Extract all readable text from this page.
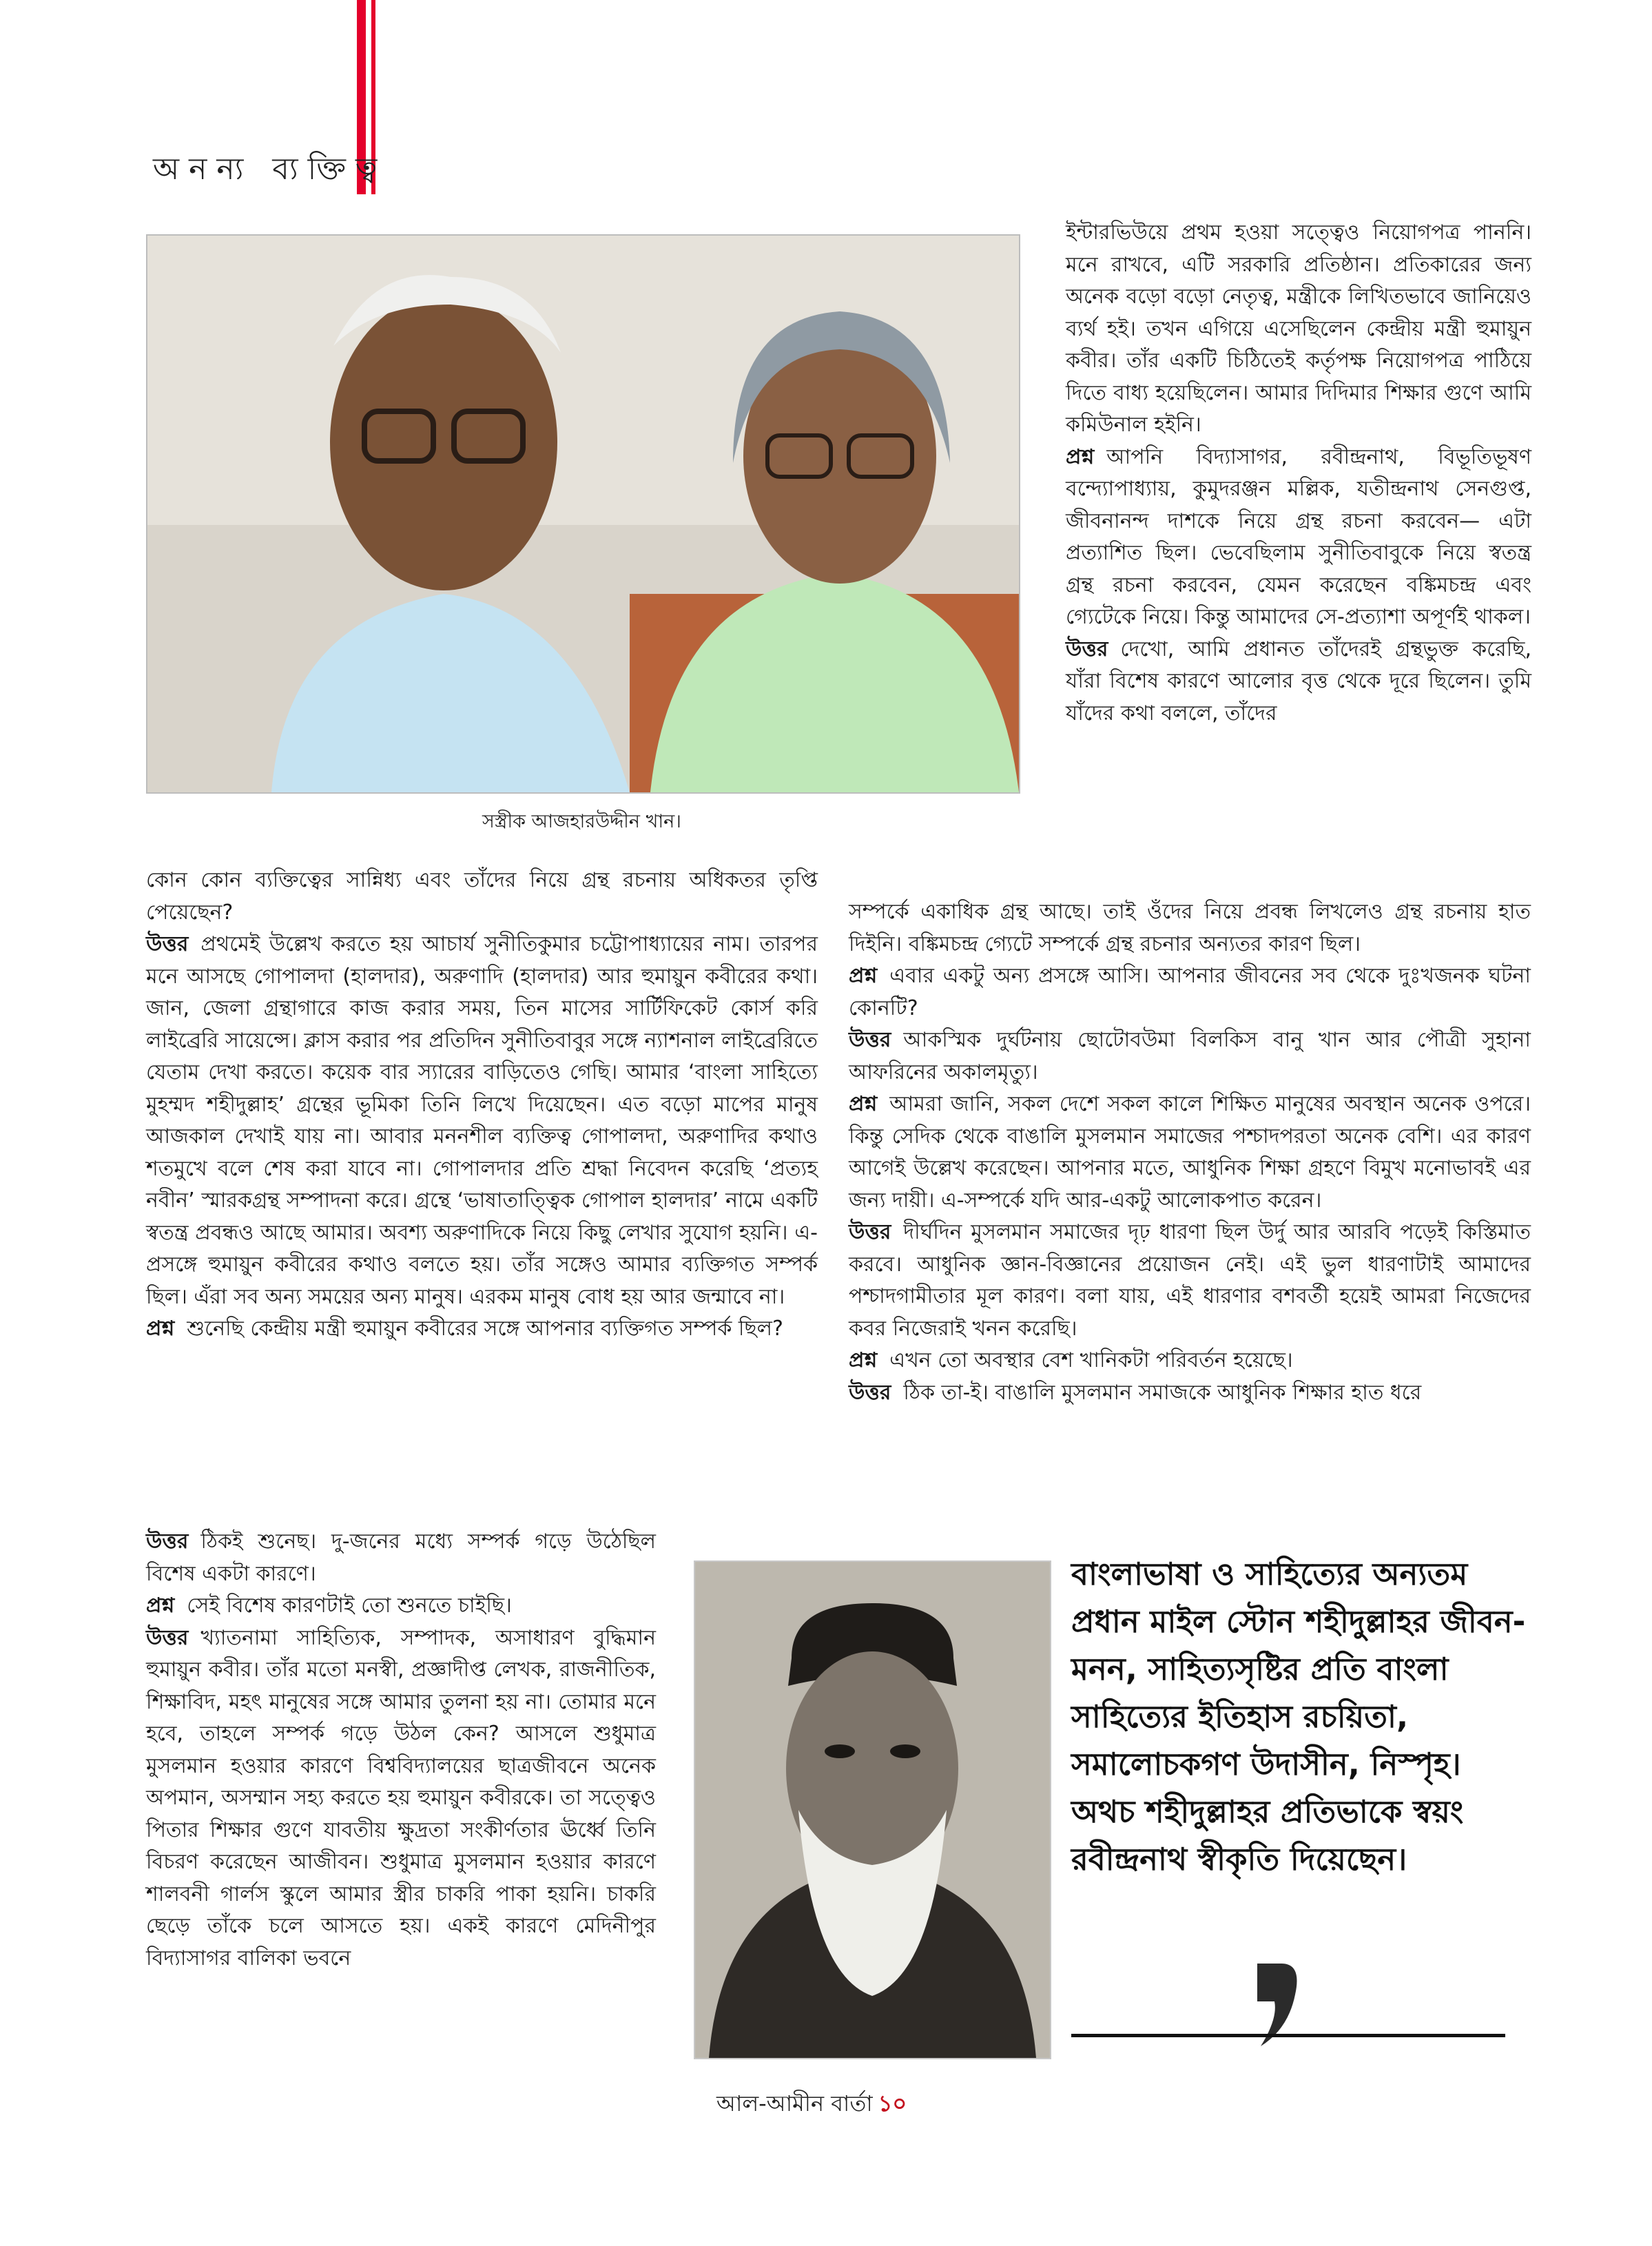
অনন্য ব্যক্তিত্ব
সস্ত্রীক আজহারউদ্দীন খান।

ইন্টারভিউয়ে প্রথম হওয়া সত্ত্বেও নিয়োগপত্র পাননি। মনে রাখবে, এটি সরকারি প্রতিষ্ঠান। প্রতিকারের জন্য অনেক বড়ো বড়ো নেতৃত্ব, মন্ত্রীকে লিখিতভাবে জানিয়েও ব্যর্থ হই। তখন এগিয়ে এসেছিলেন কেন্দ্রীয় মন্ত্রী হুমায়ুন কবীর। তাঁর একটি চিঠিতেই কর্তৃপক্ষ নিয়োগপত্র পাঠিয়ে দিতে বাধ্য হয়েছিলেন। আমার দিদিমার শিক্ষার গুণে আমি কমিউনাল হইনি।

প্রশ্ন আপনি বিদ্যাসাগর, রবীন্দ্রনাথ, বিভূতিভূষণ বন্দ্যোপাধ্যায়, কুমুদরঞ্জন মল্লিক, যতীন্দ্রনাথ সেনগুপ্ত, জীবনানন্দ দাশকে নিয়ে গ্রন্থ রচনা করবেন— এটা প্রত্যাশিত ছিল। ভেবেছিলাম সুনীতিবাবুকে নিয়ে স্বতন্ত্র গ্রন্থ রচনা করবেন, যেমন করেছেন বঙ্কিমচন্দ্র এবং গ্যেটেকে নিয়ে। কিন্তু আমাদের সে-প্রত্যাশা অপূর্ণই থাকল।

উত্তর দেখো, আমি প্রধানত তাঁদেরই গ্রন্থভুক্ত করেছি, যাঁরা বিশেষ কারণে আলোর বৃত্ত থেকে দূরে ছিলেন। তুমি যাঁদের কথা বললে, তাঁদের

কোন কোন ব্যক্তিত্বের সান্নিধ্য এবং তাঁদের নিয়ে গ্রন্থ রচনায় অধিকতর তৃপ্তি পেয়েছেন?

উত্তর প্রথমেই উল্লেখ করতে হয় আচার্য সুনীতিকুমার চট্টোপাধ্যায়ের নাম। তারপর মনে আসছে গোপালদা (হালদার), অরুণাদি (হালদার) আর হুমায়ুন কবীরের কথা। জান, জেলা গ্রন্থাগারে কাজ করার সময়, তিন মাসের সার্টিফিকেট কোর্স করি লাইব্রেরি সায়েন্সে। ক্লাস করার পর প্রতিদিন সুনীতিবাবুর সঙ্গে ন্যাশনাল লাইব্রেরিতে যেতাম দেখা করতে। কয়েক বার স্যারের বাড়িতেও গেছি। আমার ‘বাংলা সাহিত্যে মুহম্মদ শহীদুল্লাহ’ গ্রন্থের ভূমিকা তিনি লিখে দিয়েছেন। এত বড়ো মাপের মানুষ আজকাল দেখাই যায় না। আবার মননশীল ব্যক্তিত্ব গোপালদা, অরুণাদির কথাও শতমুখে বলে শেষ করা যাবে না। গোপালদার প্রতি শ্রদ্ধা নিবেদন করেছি ‘প্রত্যহ নবীন’ স্মারকগ্রন্থ সম্পাদনা করে। গ্রন্থে ‘ভাষাতাত্ত্বিক গোপাল হালদার’ নামে একটি স্বতন্ত্র প্রবন্ধও আছে আমার। অবশ্য অরুণাদিকে নিয়ে কিছু লেখার সুযোগ হয়নি। এ-প্রসঙ্গে হুমায়ুন কবীরের কথাও বলতে হয়। তাঁর সঙ্গেও আমার ব্যক্তিগত সম্পর্ক ছিল। এঁরা সব অন্য সময়ের অন্য মানুষ। এরকম মানুষ বোধ হয় আর জন্মাবে না।

প্রশ্ন শুনেছি কেন্দ্রীয় মন্ত্রী হুমায়ুন কবীরের সঙ্গে আপনার ব্যক্তিগত সম্পর্ক ছিল?

সম্পর্কে একাধিক গ্রন্থ আছে। তাই ওঁদের নিয়ে প্রবন্ধ লিখলেও গ্রন্থ রচনায় হাত দিইনি। বঙ্কিমচন্দ্র গ্যেটে সম্পর্কে গ্রন্থ রচনার অন্যতর কারণ ছিল।

প্রশ্ন এবার একটু অন্য প্রসঙ্গে আসি। আপনার জীবনের সব থেকে দুঃখজনক ঘটনা কোনটি?

উত্তর আকস্মিক দুর্ঘটনায় ছোটোবউমা বিলকিস বানু খান আর পৌত্রী সুহানা আফরিনের অকালমৃত্যু।

প্রশ্ন আমরা জানি, সকল দেশে সকল কালে শিক্ষিত মানুষের অবস্থান অনেক ওপরে। কিন্তু সেদিক থেকে বাঙালি মুসলমান সমাজের পশ্চাদপরতা অনেক বেশি। এর কারণ আগেই উল্লেখ করেছেন। আপনার মতে, আধুনিক শিক্ষা গ্রহণে বিমুখ মনোভাবই এর জন্য দায়ী। এ-সম্পর্কে যদি আর-একটু আলোকপাত করেন।

উত্তর দীর্ঘদিন মুসলমান সমাজের দৃঢ় ধারণা ছিল উর্দু আর আরবি পড়েই কিস্তিমাত করবে। আধুনিক জ্ঞান-বিজ্ঞানের প্রয়োজন নেই। এই ভুল ধারণাটাই আমাদের পশ্চাদগামীতার মূল কারণ। বলা যায়, এই ধারণার বশবর্তী হয়েই আমরা নিজেদের কবর নিজেরাই খনন করেছি।

প্রশ্ন এখন তো অবস্থার বেশ খানিকটা পরিবর্তন হয়েছে।

উত্তর ঠিক তা-ই। বাঙালি মুসলমান সমাজকে আধুনিক শিক্ষার হাত ধরে

উত্তর ঠিকই শুনেছ। দু-জনের মধ্যে সম্পর্ক গড়ে উঠেছিল বিশেষ একটা কারণে।

প্রশ্ন সেই বিশেষ কারণটাই তো শুনতে চাইছি।

উত্তর খ্যাতনামা সাহিত্যিক, সম্পাদক, অসাধারণ বুদ্ধিমান হুমায়ুন কবীর। তাঁর মতো মনস্বী, প্রজ্ঞাদীপ্ত লেখক, রাজনীতিক, শিক্ষাবিদ, মহৎ মানুষের সঙ্গে আমার তুলনা হয় না। তোমার মনে হবে, তাহলে সম্পর্ক গড়ে উঠল কেন? আসলে শুধুমাত্র মুসলমান হওয়ার কারণে বিশ্ববিদ্যালয়ের ছাত্রজীবনে অনেক অপমান, অসম্মান সহ্য করতে হয় হুমায়ুন কবীরকে। তা সত্ত্বেও পিতার শিক্ষার গুণে যাবতীয় ক্ষুদ্রতা সংকীর্ণতার ঊর্ধ্বে তিনি বিচরণ করেছেন আজীবন। শুধুমাত্র মুসলমান হওয়ার কারণে শালবনী গার্লস স্কুলে আমার স্ত্রীর চাকরি পাকা হয়নি। চাকরি ছেড়ে তাঁকে চলে আসতে হয়। একই কারণে মেদিনীপুর বিদ্যাসাগর বালিকা ভবনে

বাংলাভাষা ও সাহিত্যের অন্যতম প্রধান মাইল স্টোন শহীদুল্লাহর জীবন-মনন, সাহিত্যসৃষ্টির প্রতি বাংলা সাহিত্যের ইতিহাস রচয়িতা, সমালোচকগণ উদাসীন, নিস্পৃহ। অথচ শহীদুল্লাহর প্রতিভাকে স্বয়ং রবীন্দ্রনাথ স্বীকৃতি দিয়েছেন।
আল-আমীন বার্তা ১০
